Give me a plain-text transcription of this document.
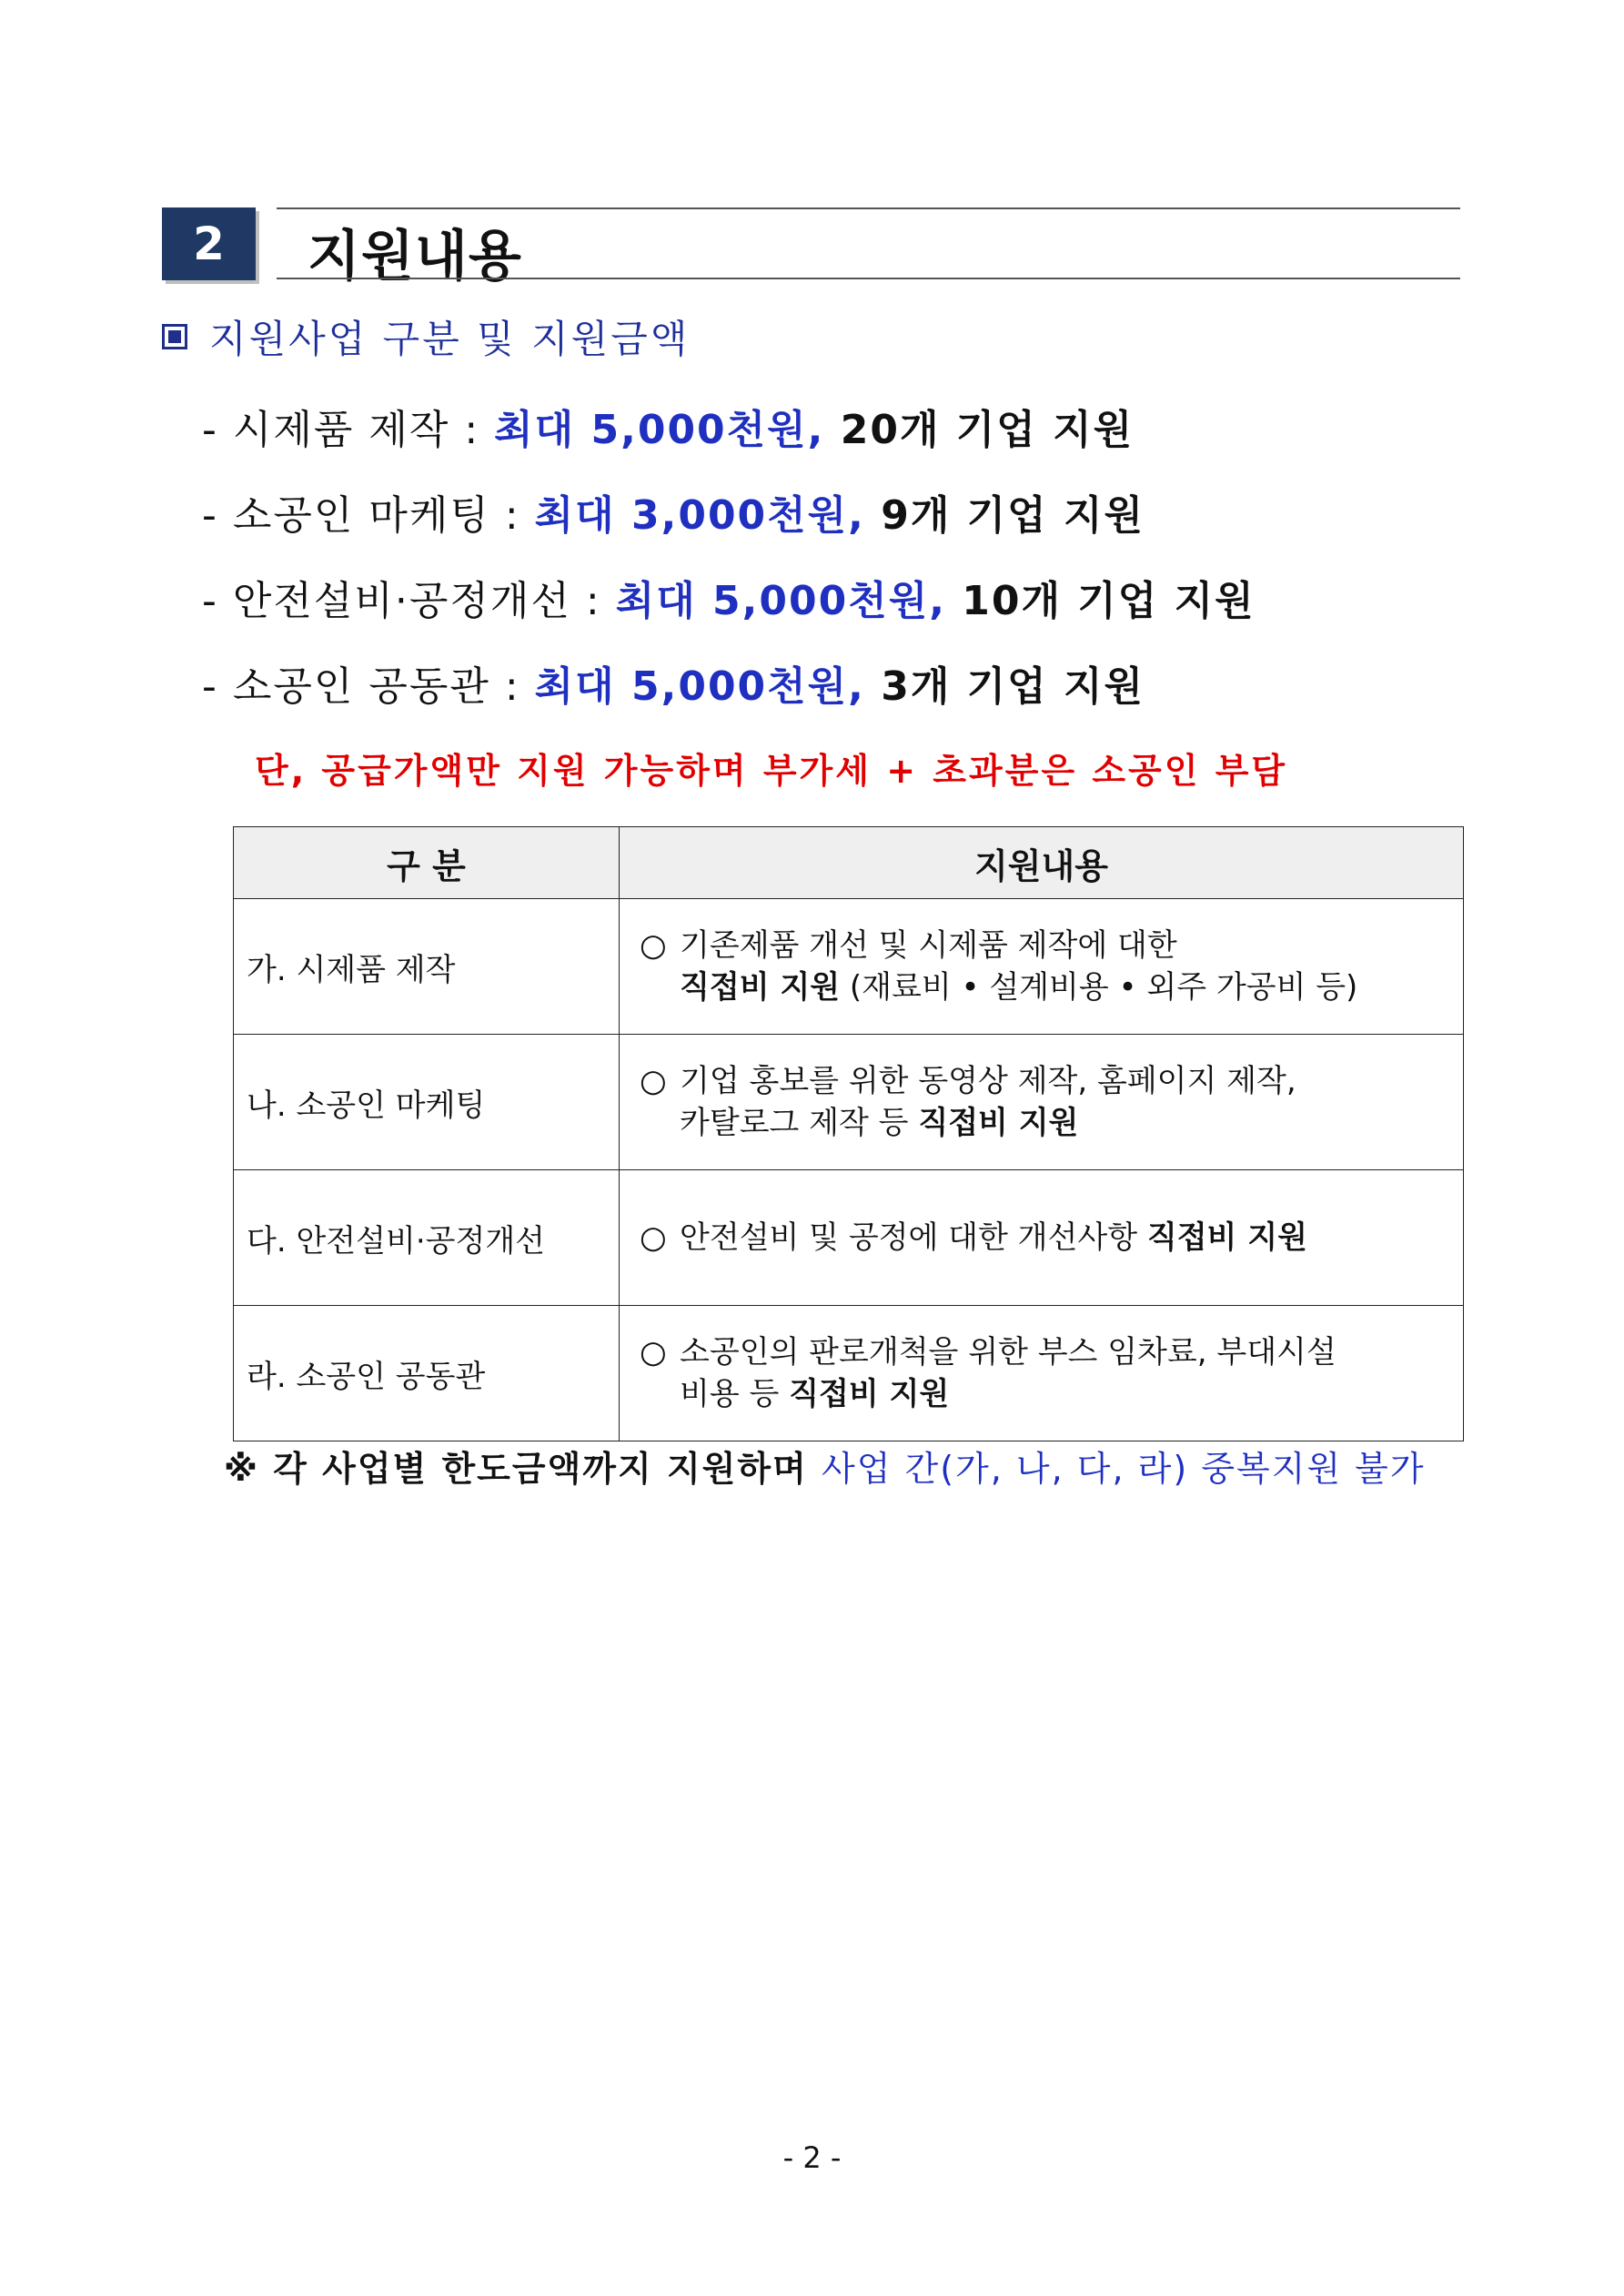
2	지원내용
지원사업 구분 및 지원금액
- 시제품 제작 : 최대 5,000천원, 20개 기업 지원
- 소공인 마케팅 : 최대 3,000천원, 9개 기업 지원
- 안전설비·공정개선 : 최대 5,000천원, 10개 기업 지원
- 소공인 공동관 : 최대 5,000천원, 3개 기업 지원
단, 공급가액만 지원 가능하며 부가세 + 초과분은 소공인 부담
구 분	지원내용
가. 시제품 제작	○ 기존제품 개선 및 시제품 제작에 대한
직접비 지원 (재료비 • 설계비용 • 외주 가공비 등)

나. 소공인 마케팅	○ 기업 홍보를 위한 동영상 제작, 홈페이지 제작,
카탈로그 제작 등 직접비 지원

다. 안전설비·공정개선	○ 안전설비 및 공정에 대한 개선사항 직접비 지원

라. 소공인 공동관	○ 소공인의 판로개척을 위한 부스 임차료, 부대시설
비용 등 직접비 지원
※ 각 사업별 한도금액까지 지원하며 사업 간(가, 나, 다, 라) 중복지원 불가
- 2 -
